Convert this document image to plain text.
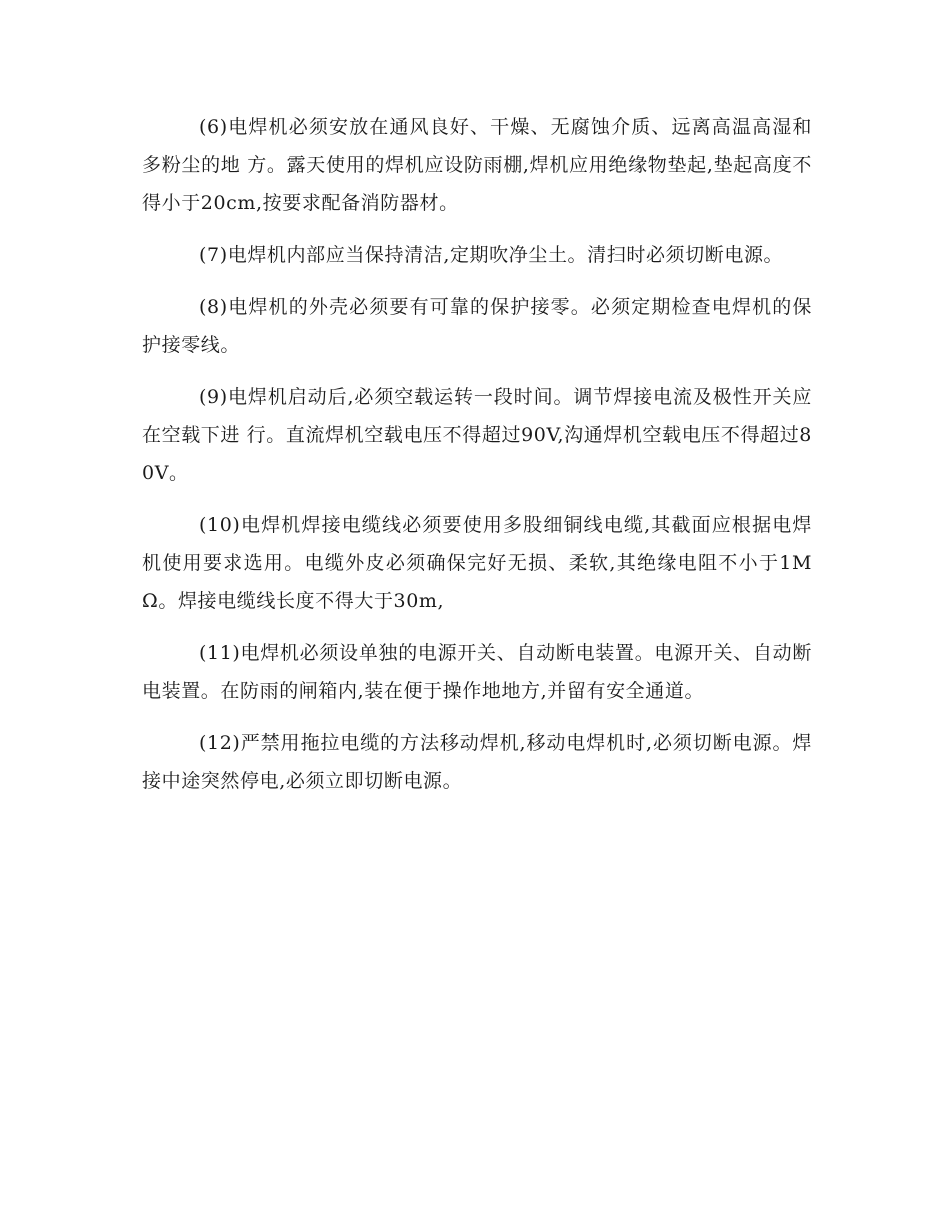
(6)电焊机必须安放在通风良好、干燥、无腐蚀介质、远离高温高湿和多粉尘的地 方。露天使用的焊机应设防雨棚,焊机应用绝缘物垫起,垫起高度不得小于20cm,按要求配备消防器材。

(7)电焊机内部应当保持清洁,定期吹净尘土。清扫时必须切断电源。

(8)电焊机的外壳必须要有可靠的保护接零。必须定期检查电焊机的保护接零线。

(9)电焊机启动后,必须空载运转一段时间。调节焊接电流及极性开关应在空载下进 行。直流焊机空载电压不得超过90V,沟通焊机空载电压不得超过80V。

(10)电焊机焊接电缆线必须要使用多股细铜线电缆,其截面应根据电焊机使用要求选用。电缆外皮必须确保完好无损、柔软,其绝缘电阻不小于1MΩ。焊接电缆线长度不得大于30m,

(11)电焊机必须设单独的电源开关、自动断电装置。电源开关、自动断电装置。在防雨的闸箱内,装在便于操作地地方,并留有安全通道。

(12)严禁用拖拉电缆的方法移动焊机,移动电焊机时,必须切断电源。焊接中途突然停电,必须立即切断电源。
